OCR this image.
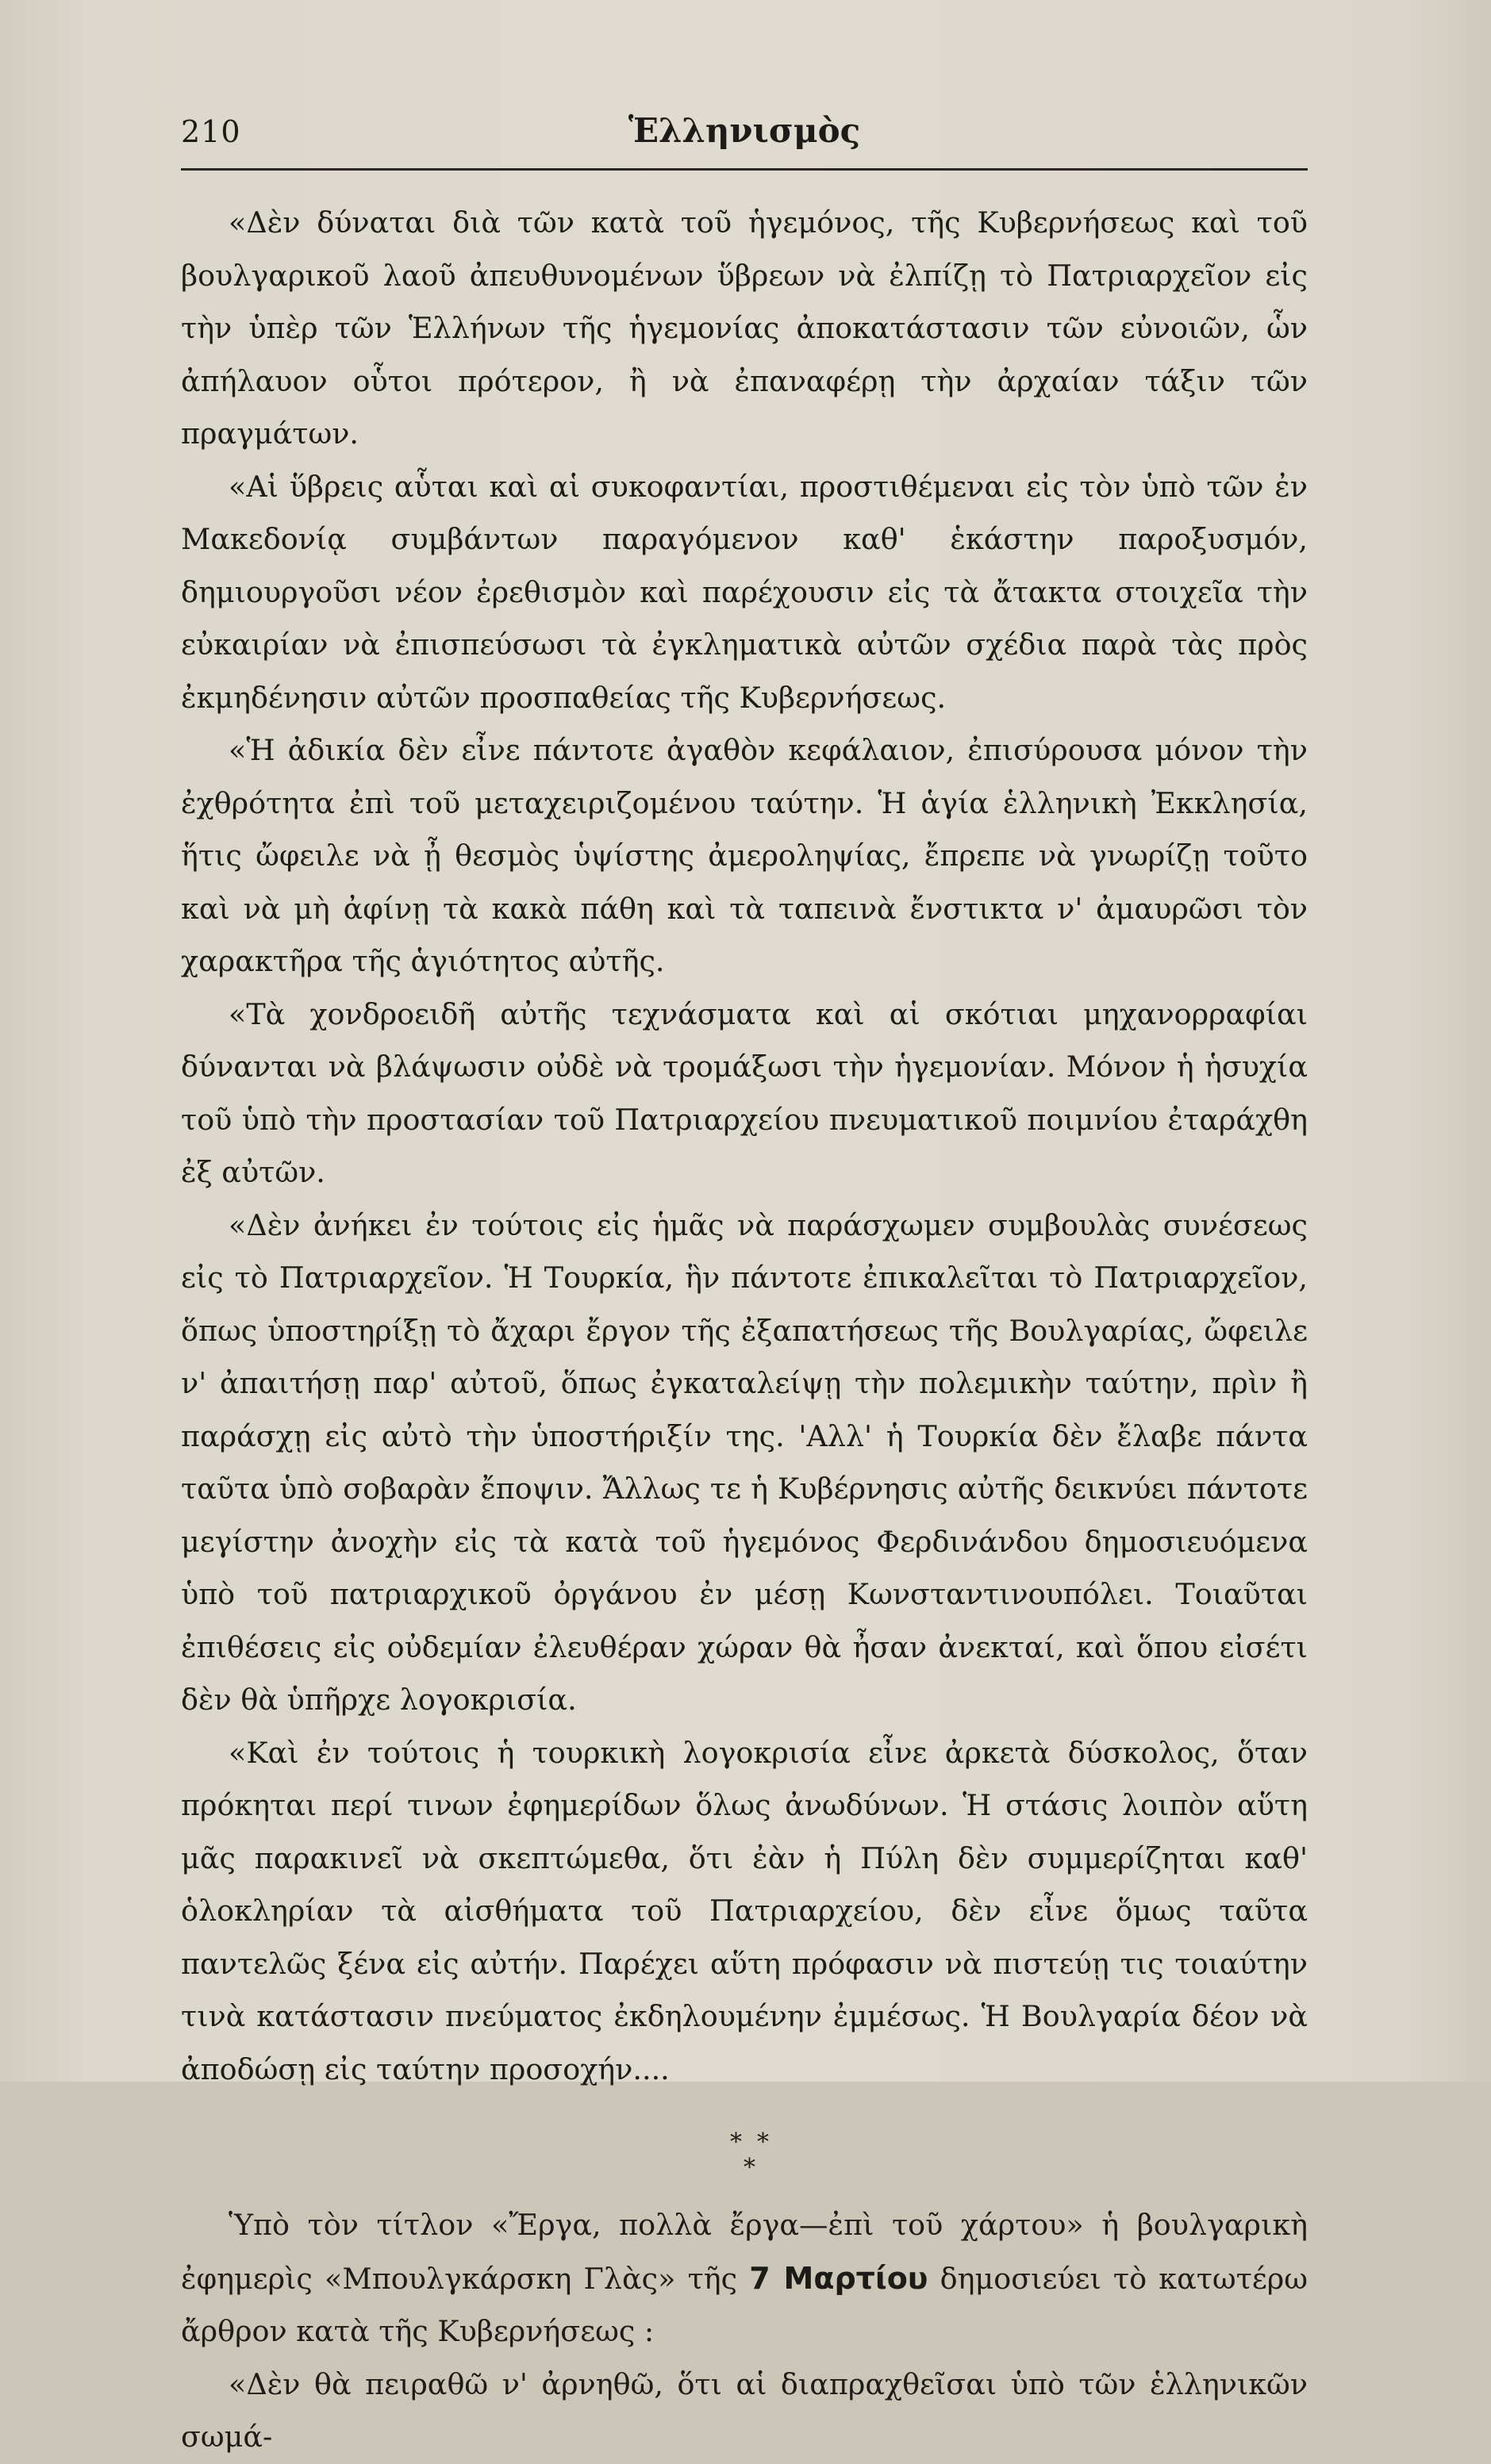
210	Ἑλληνισμὸς

«Δὲν δύναται διὰ τῶν κατὰ τοῦ ἡγεμόνος, τῆς Κυβερνήσεως καὶ τοῦ βουλγαρικοῦ λαοῦ ἀπευθυνομένων ὕβρεων νὰ ἐλπίζῃ τὸ Πατριαρχεῖον εἰς τὴν ὑπὲρ τῶν Ἑλλήνων τῆς ἡγεμονίας ἀποκατάστασιν τῶν εὐνοιῶν, ὧν ἀπήλαυον οὗτοι πρότερον, ἢ νὰ ἐπαναφέρῃ τὴν ἀρχαίαν τάξιν τῶν πραγμάτων.

«Αἱ ὕβρεις αὗται καὶ αἱ συκοφαντίαι, προστιθέμεναι εἰς τὸν ὑπὸ τῶν ἐν Μακεδονίᾳ συμβάντων παραγόμενον καθ' ἑκάστην παροξυσμόν, δημιουργοῦσι νέον ἐρεθισμὸν καὶ παρέχουσιν εἰς τὰ ἄτακτα στοιχεῖα τὴν εὐκαιρίαν νὰ ἐπισπεύσωσι τὰ ἐγκληματικὰ αὐτῶν σχέδια παρὰ τὰς πρὸς ἐκμηδένησιν αὐτῶν προσπαθείας τῆς Κυβερνήσεως.

«Ἡ ἀδικία δὲν εἶνε πάντοτε ἀγαθὸν κεφάλαιον, ἐπισύρουσα μόνον τὴν ἐχθρότητα ἐπὶ τοῦ μεταχειριζομένου ταύτην. Ἡ ἁγία ἑλληνικὴ Ἐκκλησία, ἥτις ὤφειλε νὰ ᾖ θεσμὸς ὑψίστης ἀμεροληψίας, ἔπρεπε νὰ γνωρίζῃ τοῦτο καὶ νὰ μὴ ἀφίνῃ τὰ κακὰ πάθη καὶ τὰ ταπεινὰ ἔνστικτα ν' ἀμαυρῶσι τὸν χαρακτῆρα τῆς ἁγιότητος αὐτῆς.

«Τὰ χονδροειδῆ αὐτῆς τεχνάσματα καὶ αἱ σκότιαι μηχανορραφίαι δύνανται νὰ βλάψωσιν οὐδὲ νὰ τρομάξωσι τὴν ἡγεμονίαν. Μόνον ἡ ἡσυχία τοῦ ὑπὸ τὴν προστασίαν τοῦ Πατριαρχείου πνευματικοῦ ποιμνίου ἐταράχθη ἐξ αὐτῶν.

«Δὲν ἀνήκει ἐν τούτοις εἰς ἡμᾶς νὰ παράσχωμεν συμβουλὰς συνέσεως εἰς τὸ Πατριαρχεῖον. Ἡ Τουρκία, ἣν πάντοτε ἐπικαλεῖται τὸ Πατριαρχεῖον, ὅπως ὑποστηρίξῃ τὸ ἄχαρι ἔργον τῆς ἐξαπατήσεως τῆς Βουλγαρίας, ὤφειλε ν' ἀπαιτήσῃ παρ' αὐτοῦ, ὅπως ἐγκαταλείψῃ τὴν πολεμικὴν ταύτην, πρὶν ἢ παράσχῃ εἰς αὐτὸ τὴν ὑποστήριξίν της. 'Αλλ' ἡ Τουρκία δὲν ἔλαβε πάντα ταῦτα ὑπὸ σοβαρὰν ἔποψιν. Ἄλλως τε ἡ Κυβέρνησις αὐτῆς δεικνύει πάντοτε μεγίστην ἀνοχὴν εἰς τὰ κατὰ τοῦ ἡγεμόνος Φερδινάνδου δημοσιευόμενα ὑπὸ τοῦ πατριαρχικοῦ ὀργάνου ἐν μέσῃ Κωνσταντινουπόλει. Τοιαῦται ἐπιθέσεις εἰς οὐδεμίαν ἐλευθέραν χώραν θὰ ἦσαν ἀνεκταί, καὶ ὅπου εἰσέτι δὲν θὰ ὑπῆρχε λογοκρισία.

«Καὶ ἐν τούτοις ἡ τουρκικὴ λογοκρισία εἶνε ἀρκετὰ δύσκολος, ὅταν πρόκηται περί τινων ἐφημερίδων ὅλως ἀνωδύνων. Ἡ στάσις λοιπὸν αὕτη μᾶς παρακινεῖ νὰ σκεπτώμεθα, ὅτι ἐὰν ἡ Πύλη δὲν συμμερίζηται καθ' ὁλοκληρίαν τὰ αἰσθήματα τοῦ Πατριαρχείου, δὲν εἶνε ὅμως ταῦτα παντελῶς ξένα εἰς αὐτήν. Παρέχει αὕτη πρόφασιν νὰ πιστεύῃ τις τοιαύτην τινὰ κατάστασιν πνεύματος ἐκδηλουμένην ἐμμέσως. Ἡ Βουλγαρία δέον νὰ ἀποδώσῃ εἰς ταύτην προσοχήν....

* *
*

Ὑπὸ τὸν τίτλον «Ἔργα, πολλὰ ἔργα—ἐπὶ τοῦ χάρτου» ἡ βουλγαρικὴ ἐφημερὶς «Μπουλγκάρσκη Γλὰς» τῆς 7 Μαρτίου δημοσιεύει τὸ κατωτέρω ἄρθρον κατὰ τῆς Κυβερνήσεως :

«Δὲν θὰ πειραθῶ ν' ἀρνηθῶ, ὅτι αἱ διαπραχθεῖσαι ὑπὸ τῶν ἑλληνικῶν σωμά-
